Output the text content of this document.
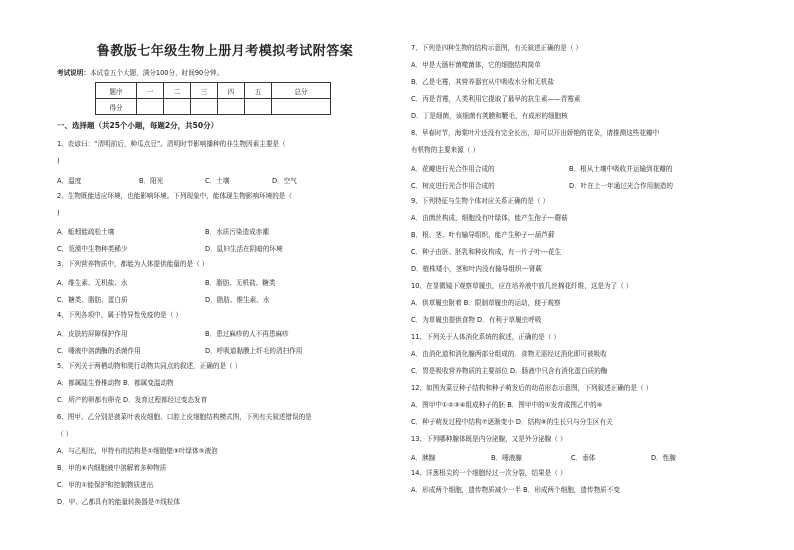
鲁教版七年级生物上册月考模拟考试附答案
考试说明：本试卷五个大题，满分100分，时间90分钟。
题序	一	二	三	四	五	总分
得分						
一、选择题（共25个小题，每题2分，共50分）
1、农谚曰：“清明前后，种瓜点豆”。清明时节影响播种的非生物因素主要是（
)
A．温度	B．阳光	C．土壤	D．空气
2、生物既能适应环境，也能影响环境。下列现象中，能体现生物影响环境的是（
)
A．蚯蚓能疏松土壤	B．水质污染造成赤潮
C．荒漠中生物种类稀少	D．鼠妇生活在阴暗的环境
3、下列营养物质中，都能为人体提供能量的是（ ）
A．维生素、无机盐、水	B．脂肪、无机盐、糖类
C．糖类、脂肪、蛋白质	D．脂肪、维生素、水
4、下列各项中，属于特异性免疫的是（ ）
A．皮肤的屏障保护作用	B．患过麻疹的人不再患麻疹
C．唾液中溶菌酶的杀菌作用	D．呼吸道黏膜上纤毛的清扫作用
5、下列关于两栖动物和爬行动物共同点的叙述，正确的是（ ）
A．都属陆生脊椎动物 B．都属变温动物
C．所产的卵都有卵壳 D．发育过程都经过变态发育
6、图甲、乙分别是菠菜叶表皮细胞、口腔上皮细胞结构模式图，下列有关叙述错误的是
（ ）
A．与乙相比，甲特有的结构是①细胞壁③叶绿体⑤液泡
B．甲的⑥内细胞液中溶解着多种物质
C．甲的①能保护和控制物质进出
D．甲、乙都具有的能量转换器是⑦线粒体
7、下列是四种生物的结构示意图，有关叙述正确的是（ ）
A．甲是大肠杆菌噬菌体，它的细胞结构简单
B．乙是毛霉，其营养器官从中吸收水分和无机盐
C．丙是青霉，人类利用它提取了最早的抗生素——青霉素
D．丁是细菌，该细菌有荚膜和鞭毛，有成形的细胞核
8、早春时节，海棠叶片还没有完全长出，却可以开出娇艳的花朵，请推测这些花瓣中
有机物的主要来源（ ）
A．花瓣进行光合作用合成的	B．根从土壤中吸收并运输到花瓣的
C．树皮进行光合作用合成的	D．叶在上一年通过光合作用制造的
9、下列特征与生物个体对应关系正确的是（ ）
A．由菌丝构成，细胞没有叶绿体，能产生孢子---蘑菇
B．根、茎、叶有输导组织，能产生种子---葫芦藓
C．种子由胚、胚乳和种皮构成，有一片子叶---花生
D．植株矮小，茎和叶内没有输导组织---肾蕨
10、在显微镜下观察草履虫，应在培养液中放几丝棉花纤维，这是为了（ ）
A．供草履虫附着 B．限制草履虫的运动，便于观察
C．为草履虫提供食物 D．有利于草履虫呼吸
11、下列关于人体消化系统的叙述，正确的是（ ）
A．由消化道和消化腺两部分组成的．食物无需经过消化即可被吸收
C．胃是吸收营养物质的主要部位 D．肠液中只含有消化蛋白质的酶
12、如图为菜豆种子结构和种子萌发后的幼苗形态示意图，下列叙述正确的是（ ）
A．图甲中①②③④组成种子的胚 B．图甲中的①发育成图乙中的⑥
C．种子萌发过程中结构⑦逐渐变小 D．结构⑧的生长只与分生区有关
13、下列哪种腺体既是内分泌腺，又是外分泌腺（ ）
A．胰腺	B．唾液腺	C．垂体	D．性腺
14、洋葱根尖的一个细胞经过一次分裂，结果是（ ）
A．形成两个细胞，遗传物质减少一半 B．形成两个细胞，遗传物质不变
